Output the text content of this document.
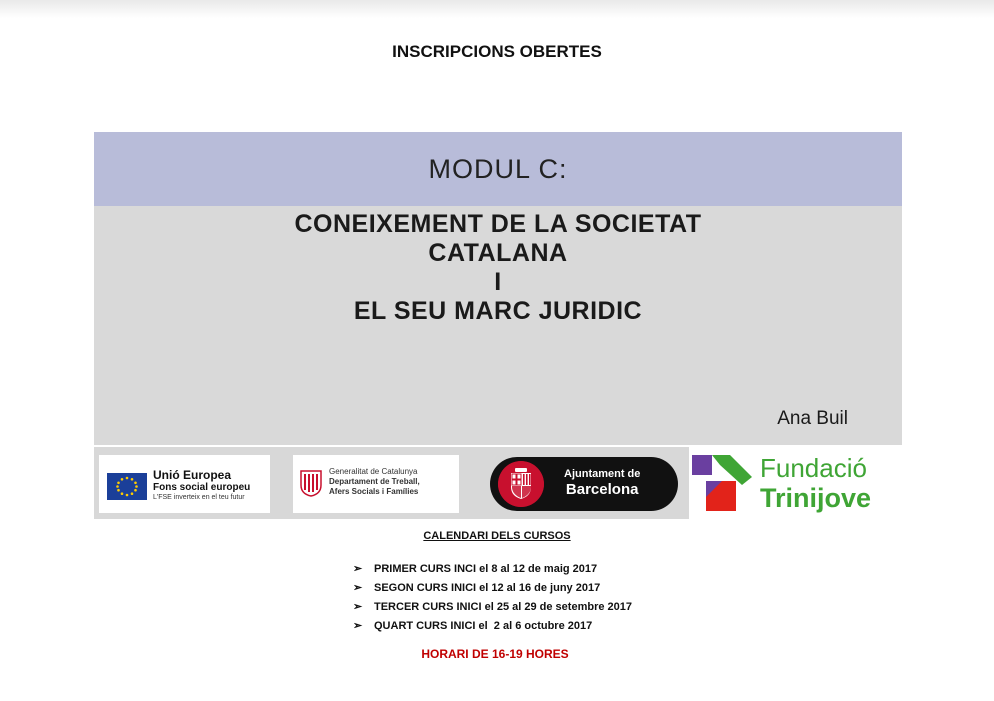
INSCRIPCIONS OBERTES
MODUL C:
CONEIXEMENT DE LA SOCIETAT
CATALANA
I
EL SEU MARC JURIDIC
Ana Buil
Unió Europea
Fons social europeu
L'FSE inverteix en el teu futur
Generalitat de Catalunya
Departament de Treball,
Afers Socials i Famílies
Ajuntament de
Barcelona
Fundació
Trinijove
CALENDARI DELS CURSOS
➢	PRIMER CURS INCI el 8 al 12 de maig 2017
➢	SEGON CURS INICI el 12 al 16 de juny 2017
➢	TERCER CURS INICI el 25 al 29 de setembre 2017
➢	QUART CURS INICI el  2 al 6 octubre 2017
HORARI DE 16-19 HORES
